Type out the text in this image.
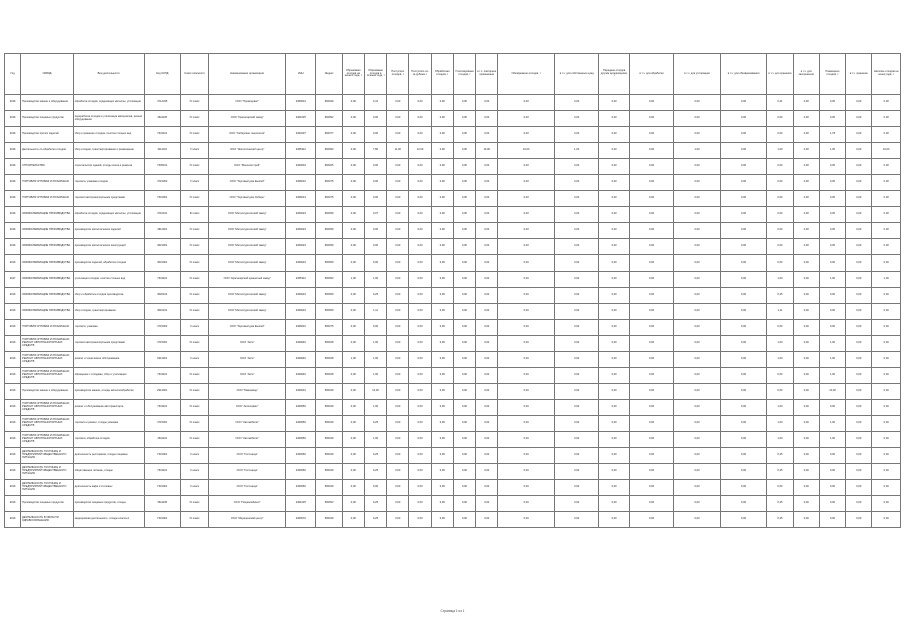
Год	ОКВЭД	Вид деятельности	Код ОКПД	Класс опасности	Наименование организации	ИНН	Индекс	Образовано отходов на начало года, т	Образовано отходов в течение года, т	Поступило отходов, т	Поступило из-за рубежа, т	Обработано отходов, т	Утилизировано отходов, т	в т.ч. повторное применение	Обезврежено отходов, т	в т.ч. для собственных нужд	Передано отходов другим организациям, т	в т.ч. для обработки	в т.ч. для утилизации	в т.ч. для обезвреживания	в т.ч. для хранения	в т.ч. для захоронения	Размещено отходов, т	в т.ч. хранение	Наличие отходов на конец года, т
2016	Производство машин и оборудования	обработка отходов, содержащих металлы, утилизация	4712345	IV класс	ООО "Промсервис"	2450001	660049	0,00	0,41	0,00	0,00	0,00	0,00	0,00	0,00	0,00	0,00	0,00	0,00	0,00	0,41	0,00	0,00	0,00	0,00
2016	Производство пищевых продуктов	переработка отходов и утилизация материалов, ремонт оборудования	3611105	IV класс	ООО "Красноярский завод"	2461025	660052	0,00	0,00	0,00	0,00	0,00	0,00	0,00	0,00	0,00	0,00	0,00	0,00	0,00	0,00	0,00	0,00	0,00	0,00
2016	Производство прочих изделий	сбор и хранение отходов, очистка сточных вод	7331101	IV класс	ООО "Сибирские технологии"	2463207	660077	0,00	0,00	0,00	0,00	0,00	0,00	0,00	0,00	0,00	0,00	0,00	0,00	0,00	0,00	0,00	1,78	0,00	0,00
2016	Деятельность по обработке отходов	сбор отходов, транспортирование и размещение	3111101	V класс	ООО "Экологический центр"	2465312	660093	0,00	7,80	11,00	12,00	0,00	0,00	10,00	10,00	1,00	0,00	0,00	1,00	0,00	1,00	0,00	1,00	0,00	10,00
2016	СТРОИТЕЛЬСТВО	строительство зданий, отходы сноса и ремонта	7335101	IV класс	ООО "Монолитстрой"	2460004	660025	0,00	0,00	0,00	0,00	0,00	0,00	0,00	0,00	0,00	0,00	0,00	0,00	0,00	0,00	0,00	0,00	0,00	0,00
2016	ТОРГОВЛЯ ОПТОВАЯ И РОЗНИЧНАЯ	торговля, упаковка отходов	4715302	V класс	ООО "Торговый дом Енисей"	2466010	660075	0,00	0,00	0,00	0,00	0,00	0,00	0,00	0,00	0,00	0,00	0,00	0,00	0,00	0,00	0,00	0,00	0,00	0,00
2016	ТОРГОВЛЯ ОПТОВАЯ И РОЗНИЧНАЯ	торговля автотранспортными средствами	7331001	IV класс	ООО "Торговый дом Сибирь"	2466013	660075	0,00	0,00	0,00	0,00	0,00	0,00	0,00	0,00	0,00	0,00	0,00	0,00	0,00	0,00	0,00	0,00	0,00	0,00
2016	ОБРАБАТЫВАЮЩИЕ ПРОИЗВОДСТВА	обработка отходов, содержащих металлы, утилизация	4710101	III класс	ООО "Металлургический завод"	2460023	660059	0,00	0,07	0,00	0,00	0,00	0,00	0,00	0,00	0,00	0,00	0,00	0,00	0,00	0,00	0,00	0,00	0,00	0,00
2016	ОБРАБАТЫВАЮЩИЕ ПРОИЗВОДСТВА	производство металлических изделий	4611001	IV класс	ООО "Металлургический завод"	2460023	660059	0,00	0,00	0,00	0,00	0,00	0,00	0,00	0,00	0,00	0,00	0,00	0,00	0,00	0,00	0,00	0,00	0,00	0,00
2016	ОБРАБАТЫВАЮЩИЕ ПРОИЗВОДСТВА	производство металлических конструкций	4621001	IV класс	ООО "Металлургический завод"	2460023	660059	0,00	0,00	0,00	0,00	0,00	0,00	0,00	0,00	0,00	0,00	0,00	0,00	0,00	0,00	0,00	0,00	0,00	0,00
2016	ОБРАБАТЫВАЮЩИЕ ПРОИЗВОДСТВА	производство изделий, обработка отходов	4631001	IV класс	ООО "Металлургический завод"	2460023	660059	0,00	0,00	0,00	0,00	0,00	0,00	0,00	0,00	0,00	0,00	0,00	0,00	0,00	0,00	0,00	0,00	0,00	0,00
2017	ОБРАБАТЫВАЮЩИЕ ПРОИЗВОДСТВА	утилизация отходов, очистка сточных вод	7331101	IV класс	ООО "Красноярский цементный завод"	2465312	660093	1,00	1,00	0,00	0,00	0,00	0,00	0,00	0,00	0,00	0,00	0,00	0,00	0,00	1,00	0,00	1,00	0,00	1,00
2016	ОБРАБАТЫВАЮЩИЕ ПРОИЗВОДСТВА	сбор и обработка отходов производства	4620101	IV класс	ООО "Металлургический завод"	2460023	660059	0,00	0,25	0,00	0,00	0,00	0,00	0,00	0,00	0,00	0,00	0,00	0,00	0,00	0,25	0,00	0,00	0,00	0,00
2016	ОБРАБАТЫВАЮЩИЕ ПРОИЗВОДСТВА	сбор отходов, транспортирование	4610101	IV класс	ООО "Металлургический завод"	2460023	660059	0,00	1,11	0,00	0,00	0,00	0,00	0,00	0,00	0,00	0,00	0,00	0,00	0,00	1,11	0,00	0,00	0,00	0,00
2016	ТОРГОВЛЯ ОПТОВАЯ И РОЗНИЧНАЯ	торговля, упаковка	4715302	V класс	ООО "Торговый дом Енисей"	2466010	660075	0,00	0,00	0,00	0,00	0,00	0,00	0,00	0,00	0,00	0,00	0,00	0,00	0,00	0,00	0,00	0,00	0,00	0,00
2016	ТОРГОВЛЯ ОПТОВАЯ И РОЗНИЧНАЯ; РЕМОНТ АВТОТРАНСПОРТНЫХ СРЕДСТВ	торговля автотранспортными средствами	4715301	IV класс	ООО "Авто"	2460040	660028	0,00	1,00	0,00	0,00	0,00	0,00	0,00	0,00	0,00	0,00	0,00	0,00	0,00	1,00	0,00	1,00	0,00	0,00
2016	ТОРГОВЛЯ ОПТОВАЯ И РОЗНИЧНАЯ; РЕМОНТ АВТОТРАНСПОРТНЫХ СРЕДСТВ	ремонт и техническое обслуживание	9211001	V класс	ООО "Авто"	2460040	660028	1,00	1,00	0,00	0,00	0,00	0,00	0,00	0,00	0,00	0,00	0,00	0,00	0,00	1,00	0,00	1,00	0,00	0,00
2016	ТОРГОВЛЯ ОПТОВАЯ И РОЗНИЧНАЯ; РЕМОНТ АВТОТРАНСПОРТНЫХ СРЕДСТВ	обращение с отходами, сбор и утилизация	7331101	IV класс	ООО "Авто"	2460040	660028	0,00	1,00	0,00	0,00	0,00	0,00	0,00	0,00	0,00	0,00	0,00	0,00	0,00	0,00	0,00	1,00	0,00	0,00
2016	Производство машин и оборудования	производство машин, отходы металлообработки	2914001	IV класс	ООО "Машзавод"	2460001	660049	0,00	10,00	0,00	0,00	0,00	0,00	0,00	0,00	0,00	0,00	0,00	0,00	0,00	0,00	0,00	10,00	0,00	0,00
2016	ТОРГОВЛЯ ОПТОВАЯ И РОЗНИЧНАЯ; РЕМОНТ АВТОТРАНСПОРТНЫХ СРЕДСТВ	ремонт и обслуживание автотранспорта	7331101	IV класс	ООО "Автосервис"	2460050	660049	0,00	1,00	0,00	0,00	0,00	0,00	0,00	0,00	0,00	0,00	0,00	0,00	0,00	1,00	0,00	0,00	0,00	0,00
2016	ТОРГОВЛЯ ОПТОВАЯ И РОЗНИЧНАЯ; РЕМОНТ АВТОТРАНСПОРТНЫХ СРЕДСТВ	торговля и ремонт, отходы упаковки	4715301	IV класс	ООО "Автомобили"	2460050	660049	0,00	0,25	0,00	0,00	0,00	0,00	0,00	0,00	0,00	0,00	0,00	0,00	0,00	1,00	0,00	1,00	0,00	0,00
2016	ТОРГОВЛЯ ОПТОВАЯ И РОЗНИЧНАЯ; РЕМОНТ АВТОТРАНСПОРТНЫХ СРЕДСТВ	торговля, обработка отходов	4611101	IV класс	ООО "Автомобили"	2460050	660049	0,00	1,00	0,00	0,00	0,00	0,00	0,00	0,00	0,00	0,00	0,00	0,00	0,00	1,00	0,00	1,00	0,00	0,00
2016	ДЕЯТЕЛЬНОСТЬ ГОСТИНИЦ И ПРЕДПРИЯТИЙ ОБЩЕСТВЕННОГО ПИТАНИЯ	деятельность ресторанов, отходы пищевые	7331001	V класс	ООО "Гостиница"	2460060	660049	0,00	0,25	0,00	0,00	0,00	0,00	0,00	0,00	0,00	0,00	0,00	0,00	0,00	0,25	0,00	0,00	0,00	0,00
2016	ДЕЯТЕЛЬНОСТЬ ГОСТИНИЦ И ПРЕДПРИЯТИЙ ОБЩЕСТВЕННОГО ПИТАНИЯ	общественное питание, отходы	7331101	V класс	ООО "Гостиница"	2460060	660049	0,00	0,25	0,00	0,00	0,00	0,00	0,00	0,00	0,00	0,00	0,00	0,00	0,00	0,25	0,00	0,00	0,00	0,00
2016	ДЕЯТЕЛЬНОСТЬ ГОСТИНИЦ И ПРЕДПРИЯТИЙ ОБЩЕСТВЕННОГО ПИТАНИЯ	деятельность кафе и столовых	7331001	V класс	ООО "Гостиница"	2460060	660049	0,00	0,00	0,00	0,00	0,00	0,00	0,00	0,00	0,00	0,00	0,00	0,00	0,00	0,00	0,00	0,00	0,00	0,00
2016	Производство пищевых продуктов	производство пищевых продуктов, отходы	3611105	IV класс	ООО "Пищекомбинат"	2461025	660052	0,00	0,25	0,00	0,00	0,00	0,00	0,00	0,00	0,00	0,00	0,00	0,00	0,00	0,25	0,00	0,00	0,00	0,00
2016	ДЕЯТЕЛЬНОСТЬ В ОБЛАСТИ ЗДРАВООХРАНЕНИЯ	медицинская деятельность, отходы класса А	7331001	IV класс	ООО "Медицинский центр"	2460070	660049	0,00	0,25	0,00	0,00	0,00	0,00	0,00	0,00	0,00	0,00	0,00	0,00	0,00	0,25	0,00	0,00	0,00	0,00
Страница 1 из 1
